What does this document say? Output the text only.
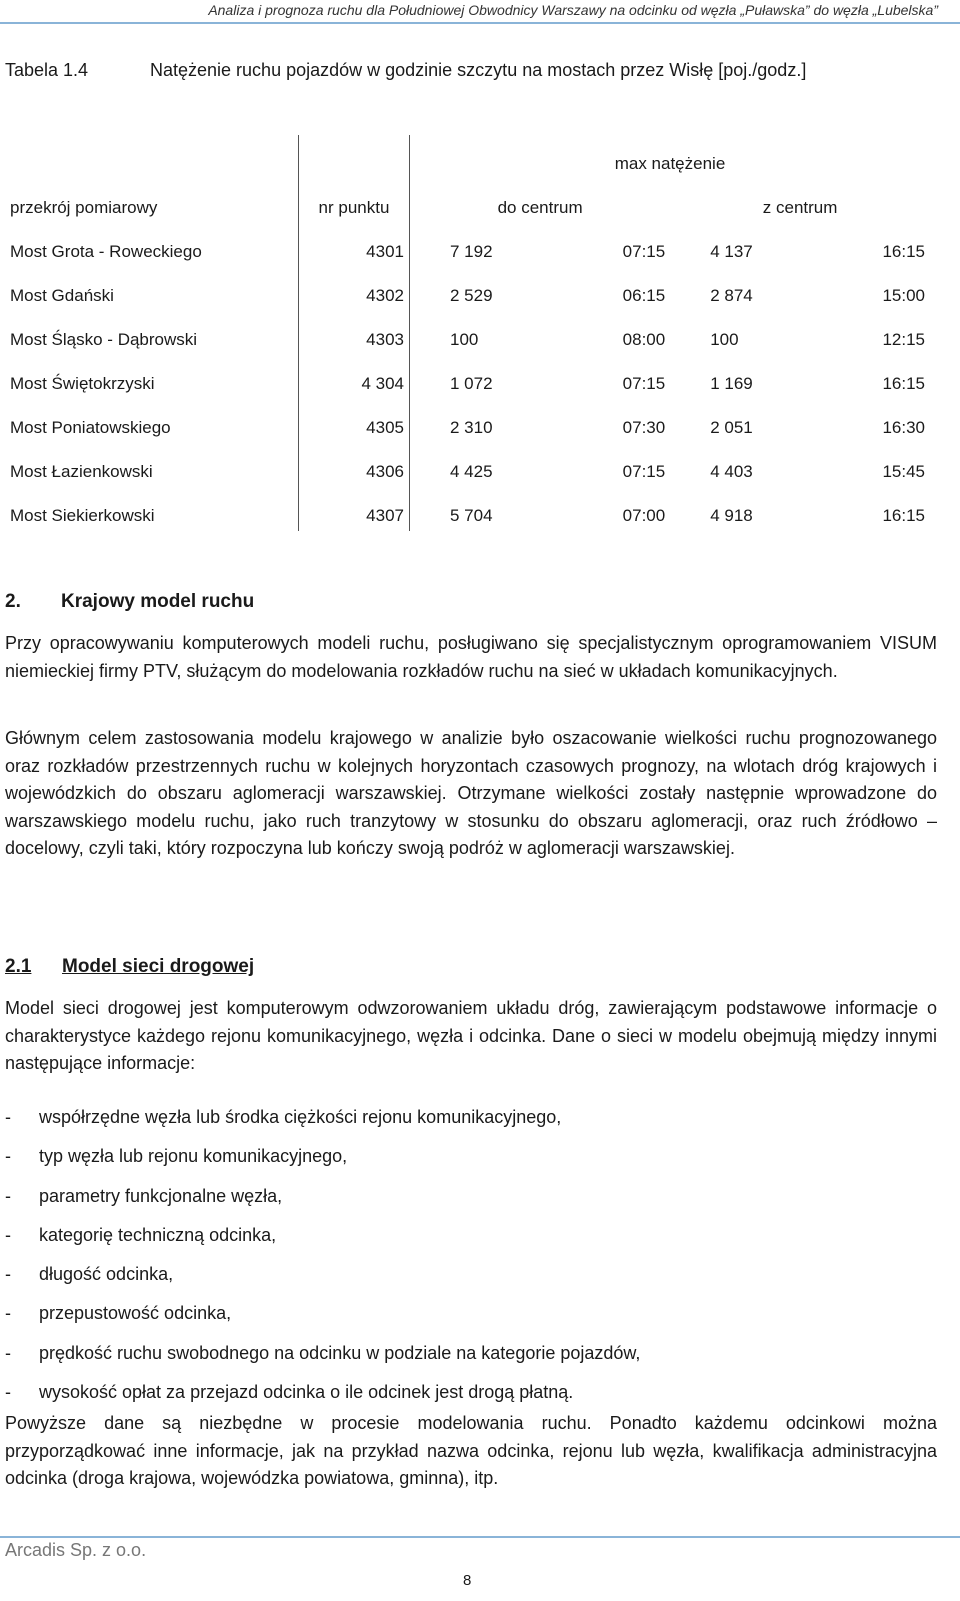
Analiza i prognoza ruchu dla Południowej Obwodnicy Warszawy na odcinku od węzła „Puławska” do węzła „Lubelska”
Tabela 1.4	Natężenie ruchu pojazdów w godzinie szczytu na mostach przez Wisłę [poj./godz.]
		max natężenie			
przekrój pomiarowy	nr punktu	do centrum		z centrum	
Most Grota - Roweckiego	4301	7 192	07:15	4 137	16:15
Most Gdański	4302	2 529	06:15	2 874	15:00
Most Śląsko - Dąbrowski	4303	100	08:00	100	12:15
Most Świętokrzyski	4 304	1 072	07:15	1 169	16:15
Most Poniatowskiego	4305	2 310	07:30	2 051	16:30
Most Łazienkowski	4306	4 425	07:15	4 403	15:45
Most Siekierkowski	4307	5 704	07:00	4 918	16:15
2. Krajowy model ruchu
Przy opracowywaniu komputerowych modeli ruchu, posługiwano się specjalistycznym oprogramowaniem VISUM niemieckiej firmy PTV, służącym do modelowania rozkładów ruchu na sieć w układach komunikacyjnych.
Głównym celem zastosowania modelu krajowego w analizie było oszacowanie wielkości ruchu prognozowanego oraz rozkładów przestrzennych ruchu w kolejnych horyzontach czasowych prognozy, na wlotach dróg krajowych i wojewódzkich do obszaru aglomeracji warszawskiej. Otrzymane wielkości zostały następnie wprowadzone do warszawskiego modelu ruchu, jako ruch tranzytowy w stosunku do obszaru aglomeracji, oraz ruch źródłowo – docelowy, czyli taki, który rozpoczyna lub kończy swoją podróż w aglomeracji warszawskiej.
2.1 Model sieci drogowej
Model sieci drogowej jest komputerowym odwzorowaniem układu dróg, zawierającym podstawowe informacje o charakterystyce każdego rejonu komunikacyjnego, węzła i odcinka. Dane o sieci w modelu obejmują między innymi następujące informacje:
- współrzędne węzła lub środka ciężkości rejonu komunikacyjnego,
- typ węzła lub rejonu komunikacyjnego,
- parametry funkcjonalne węzła,
- kategorię techniczną odcinka,
- długość odcinka,
- przepustowość odcinka,
- prędkość ruchu swobodnego na odcinku w podziale na kategorie pojazdów,
- wysokość opłat za przejazd odcinka o ile odcinek jest drogą płatną.
Powyższe dane są niezbędne w procesie modelowania ruchu. Ponadto każdemu odcinkowi można przyporządkować inne informacje, jak na przykład nazwa odcinka, rejonu lub węzła, kwalifikacja administracyjna odcinka (droga krajowa, wojewódzka powiatowa, gminna), itp.
Arcadis Sp. z o.o.
8
